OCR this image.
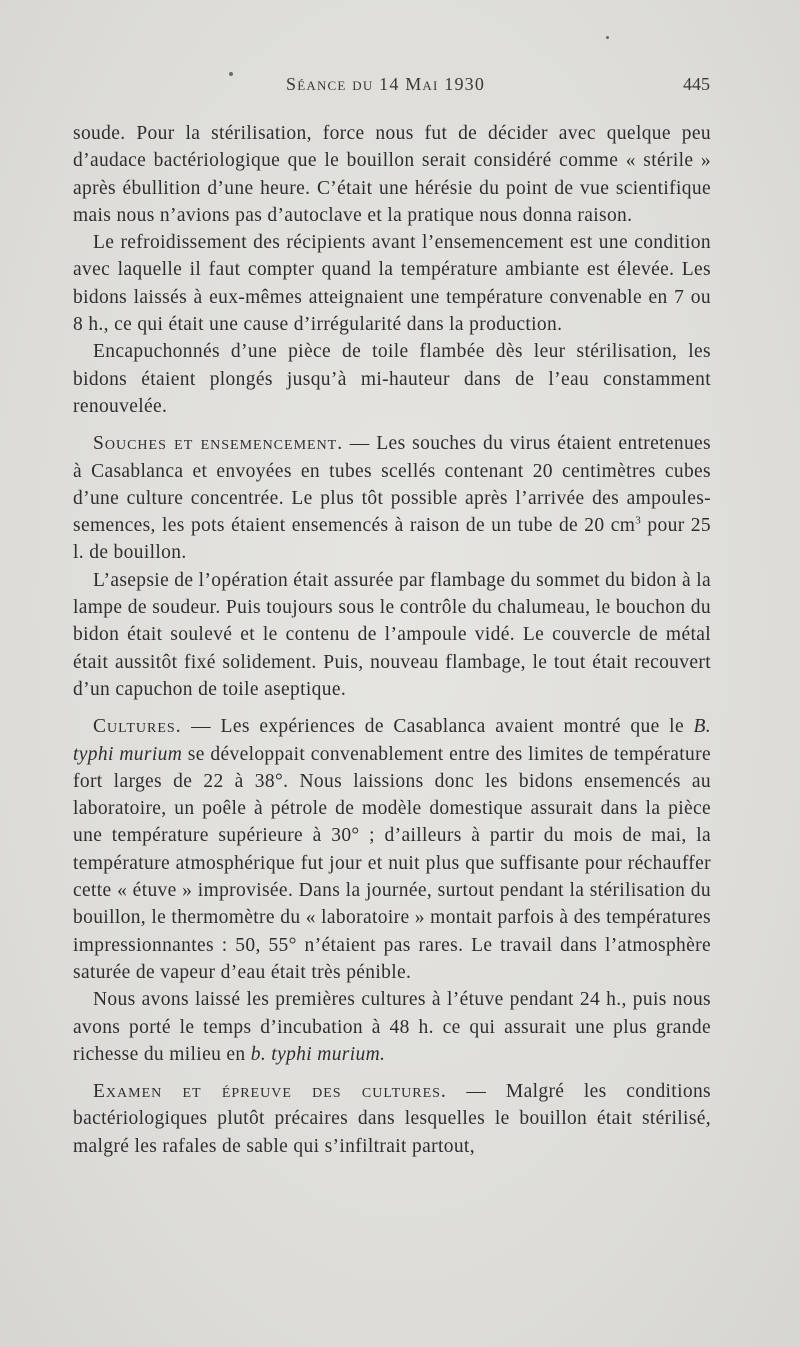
Séance du 14 Mai 1930	445

soude. Pour la stérilisation, force nous fut de décider avec quelque peu d’audace bactériologique que le bouillon serait considéré comme « stérile » après ébullition d’une heure. C’était une hérésie du point de vue scientifique mais nous n’avions pas d’autoclave et la pratique nous donna raison.

Le refroidissement des récipients avant l’ensemencement est une condition avec laquelle il faut compter quand la température ambiante est élevée. Les bidons laissés à eux-mêmes atteignaient une température convenable en 7 ou 8 h., ce qui était une cause d’irrégularité dans la production.

Encapuchonnés d’une pièce de toile flambée dès leur stérilisation, les bidons étaient plongés jusqu’à mi-hauteur dans de l’eau constamment renouvelée.

Souches et ensemencement. — Les souches du virus étaient entretenues à Casablanca et envoyées en tubes scellés contenant 20 centimètres cubes d’une culture concentrée. Le plus tôt possible après l’arrivée des ampoules-semences, les pots étaient ensemencés à raison de un tube de 20 $cm^3$ pour 25 l. de bouillon.

L’asepsie de l’opération était assurée par flambage du sommet du bidon à la lampe de soudeur. Puis toujours sous le contrôle du chalumeau, le bouchon du bidon était soulevé et le contenu de l’ampoule vidé. Le couvercle de métal était aussitôt fixé solidement. Puis, nouveau flambage, le tout était recouvert d’un capuchon de toile aseptique.

Cultures. — Les expériences de Casablanca avaient montré que le B. typhi murium se développait convenablement entre des limites de température fort larges de 22 à 38°. Nous laissions donc les bidons ensemencés au laboratoire, un poêle à pétrole de modèle domestique assurait dans la pièce une température supérieure à 30° ; d’ailleurs à partir du mois de mai, la température atmosphérique fut jour et nuit plus que suffisante pour réchauffer cette « étuve » improvisée. Dans la journée, surtout pendant la stérilisation du bouillon, le thermomètre du « laboratoire » montait parfois à des températures impressionnantes : 50, 55° n’étaient pas rares. Le travail dans l’atmosphère saturée de vapeur d’eau était très pénible.

Nous avons laissé les premières cultures à l’étuve pendant 24 h., puis nous avons porté le temps d’incubation à 48 h. ce qui assurait une plus grande richesse du milieu en b. typhi murium.

Examen et épreuve des cultures. — Malgré les conditions bactériologiques plutôt précaires dans lesquelles le bouillon était stérilisé, malgré les rafales de sable qui s’infiltrait partout,
